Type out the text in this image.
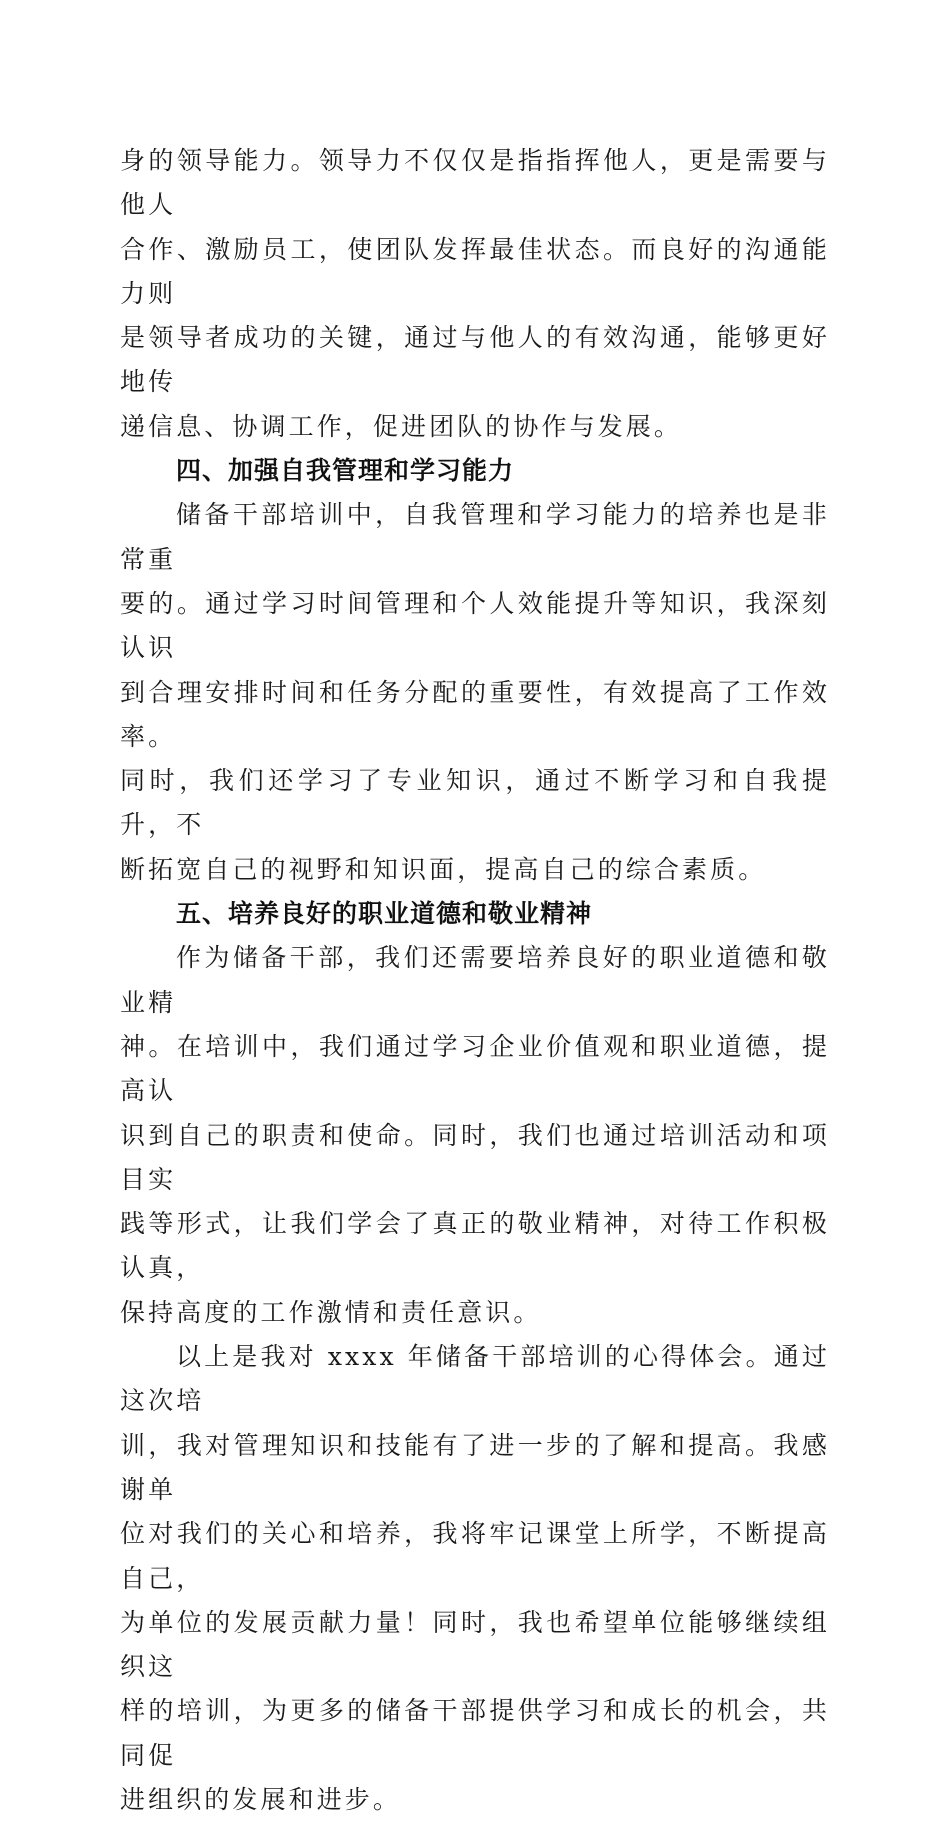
身的领导能力。领导力不仅仅是指指挥他人，更是需要与他人
合作、激励员工，使团队发挥最佳状态。而良好的沟通能力则
是领导者成功的关键，通过与他人的有效沟通，能够更好地传
递信息、协调工作，促进团队的协作与发展。

四、加强自我管理和学习能力

储备干部培训中，自我管理和学习能力的培养也是非常重
要的。通过学习时间管理和个人效能提升等知识，我深刻认识
到合理安排时间和任务分配的重要性，有效提高了工作效率。
同时，我们还学习了专业知识，通过不断学习和自我提升，不
断拓宽自己的视野和知识面，提高自己的综合素质。

五、培养良好的职业道德和敬业精神

作为储备干部，我们还需要培养良好的职业道德和敬业精
神。在培训中，我们通过学习企业价值观和职业道德，提高认
识到自己的职责和使命。同时，我们也通过培训活动和项目实
践等形式，让我们学会了真正的敬业精神，对待工作积极认真，
保持高度的工作激情和责任意识。

以上是我对 xxxx 年储备干部培训的心得体会。通过这次培
训，我对管理知识和技能有了进一步的了解和提高。我感谢单
位对我们的关心和培养，我将牢记课堂上所学，不断提高自己，
为单位的发展贡献力量！同时，我也希望单位能够继续组织这
样的培训，为更多的储备干部提供学习和成长的机会，共同促
进组织的发展和进步。
